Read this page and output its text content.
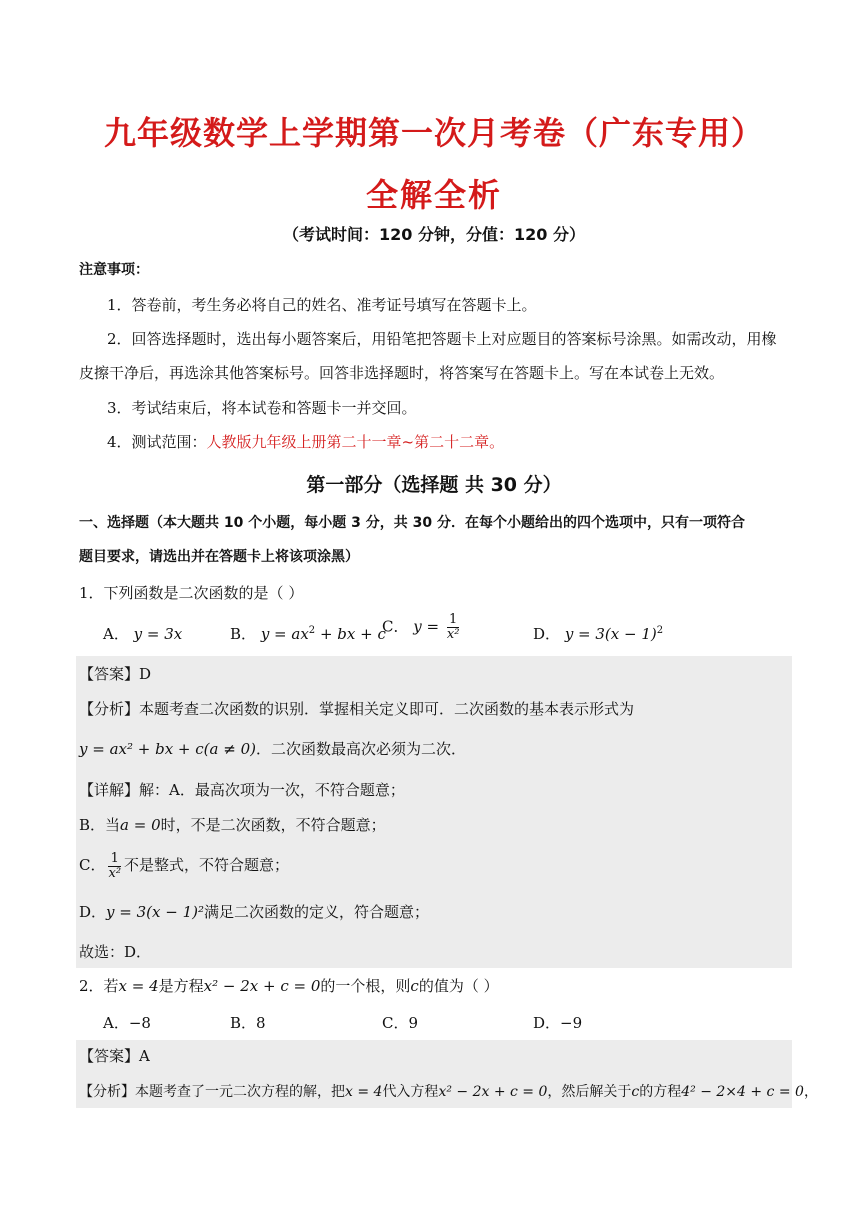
九年级数学上学期第一次月考卷（广东专用）
全解全析
（考试时间：120 分钟，分值：120 分）
注意事项：
1．答卷前，考生务必将自己的姓名、准考证号填写在答题卡上。
2．回答选择题时，选出每小题答案后，用铅笔把答题卡上对应题目的答案标号涂黑。如需改动，用橡
皮擦干净后，再选涂其他答案标号。回答非选择题时，将答案写在答题卡上。写在本试卷上无效。
3．考试结束后，将本试卷和答题卡一并交回。
4．测试范围：人教版九年级上册第二十一章~第二十二章。
第一部分（选择题 共 30 分）
一、选择题（本大题共 10 个小题，每小题 3 分，共 30 分．在每个小题给出的四个选项中，只有一项符合
题目要求，请选出并在答题卡上将该项涂黑）
1．下列函数是二次函数的是（ ）
A． y = 3x	B． $y = ax^2$ + bx + c
C． $y = \frac{1}{\text{x²}}$	D． $y = 3(x - 1)^2$
【答案】D
【分析】本题考查二次函数的识别．掌握相关定义即可．二次函数的基本表示形式为
y = ax² + bx + c(a ≠ 0)．二次函数最高次必须为二次．
【详解】解：A．最高次项为一次，不符合题意；
B．当a = 0时，不是二次函数，不符合题意；
C． $\frac{1}{\text{x²}}$ 不是整式，不符合题意；
D．y = 3(x − 1)²满足二次函数的定义，符合题意；
故选：D．
2．若x = 4是方程x² − 2x + c = 0的一个根，则c的值为（ ）
A．−8	B．8	C．9	D．−9
【答案】A
【分析】本题考查了一元二次方程的解，把x = 4代入方程x² − 2x + c = 0，然后解关于c的方程4² − 2×4 + c = 0，
